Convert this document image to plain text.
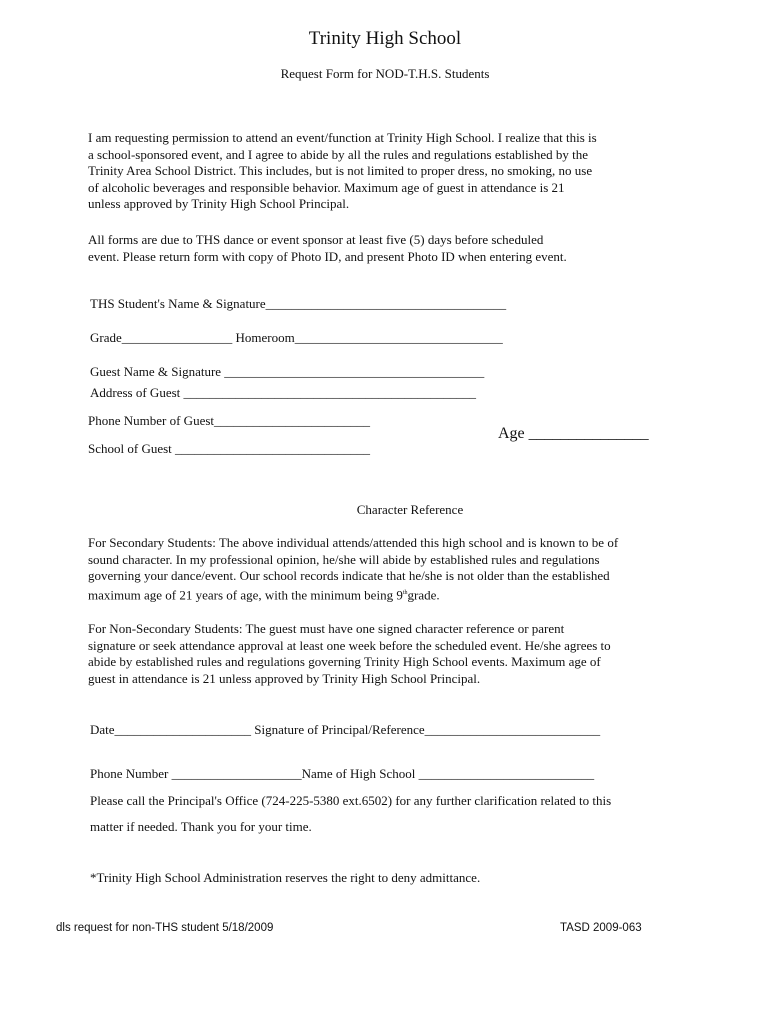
Trinity High School
Request Form for NOD-T.H.S. Students
I am requesting permission to attend an event/function at Trinity High School. I realize that this is
a school-sponsored event, and I agree to abide by all the rules and regulations established by the
Trinity Area School District. This includes, but is not limited to proper dress, no smoking, no use
of alcoholic beverages and responsible behavior. Maximum age of guest in attendance is 21
unless approved by Trinity High School Principal.
All forms are due to THS dance or event sponsor at least five (5) days before scheduled
event. Please return form with copy of Photo ID, and present Photo ID when entering event.
THS Student's Name & Signature_____________________________________
Grade_________________ Homeroom________________________________
Guest Name & Signature ________________________________________
Address of Guest _____________________________________________
Phone Number of Guest________________________
Age _______________
School of Guest ______________________________
Character Reference
For Secondary Students: The above individual attends/attended this high school and is known to be of
sound character. In my professional opinion, he/she will abide by established rules and regulations
governing your dance/event. Our school records indicate that he/she is not older than the established
maximum age of 21 years of age, with the minimum being 9thgrade.
For Non-Secondary Students: The guest must have one signed character reference or parent
signature or seek attendance approval at least one week before the scheduled event. He/she agrees to
abide by established rules and regulations governing Trinity High School events. Maximum age of
guest in attendance is 21 unless approved by Trinity High School Principal.
Date_____________________ Signature of Principal/Reference___________________________
Phone Number ____________________Name of High School ___________________________
Please call the Principal's Office (724-225-5380 ext.6502) for any further clarification related to this
matter if needed. Thank you for your time.
*Trinity High School Administration reserves the right to deny admittance.
dls request for non-THS student 5/18/2009	TASD 2009-063
